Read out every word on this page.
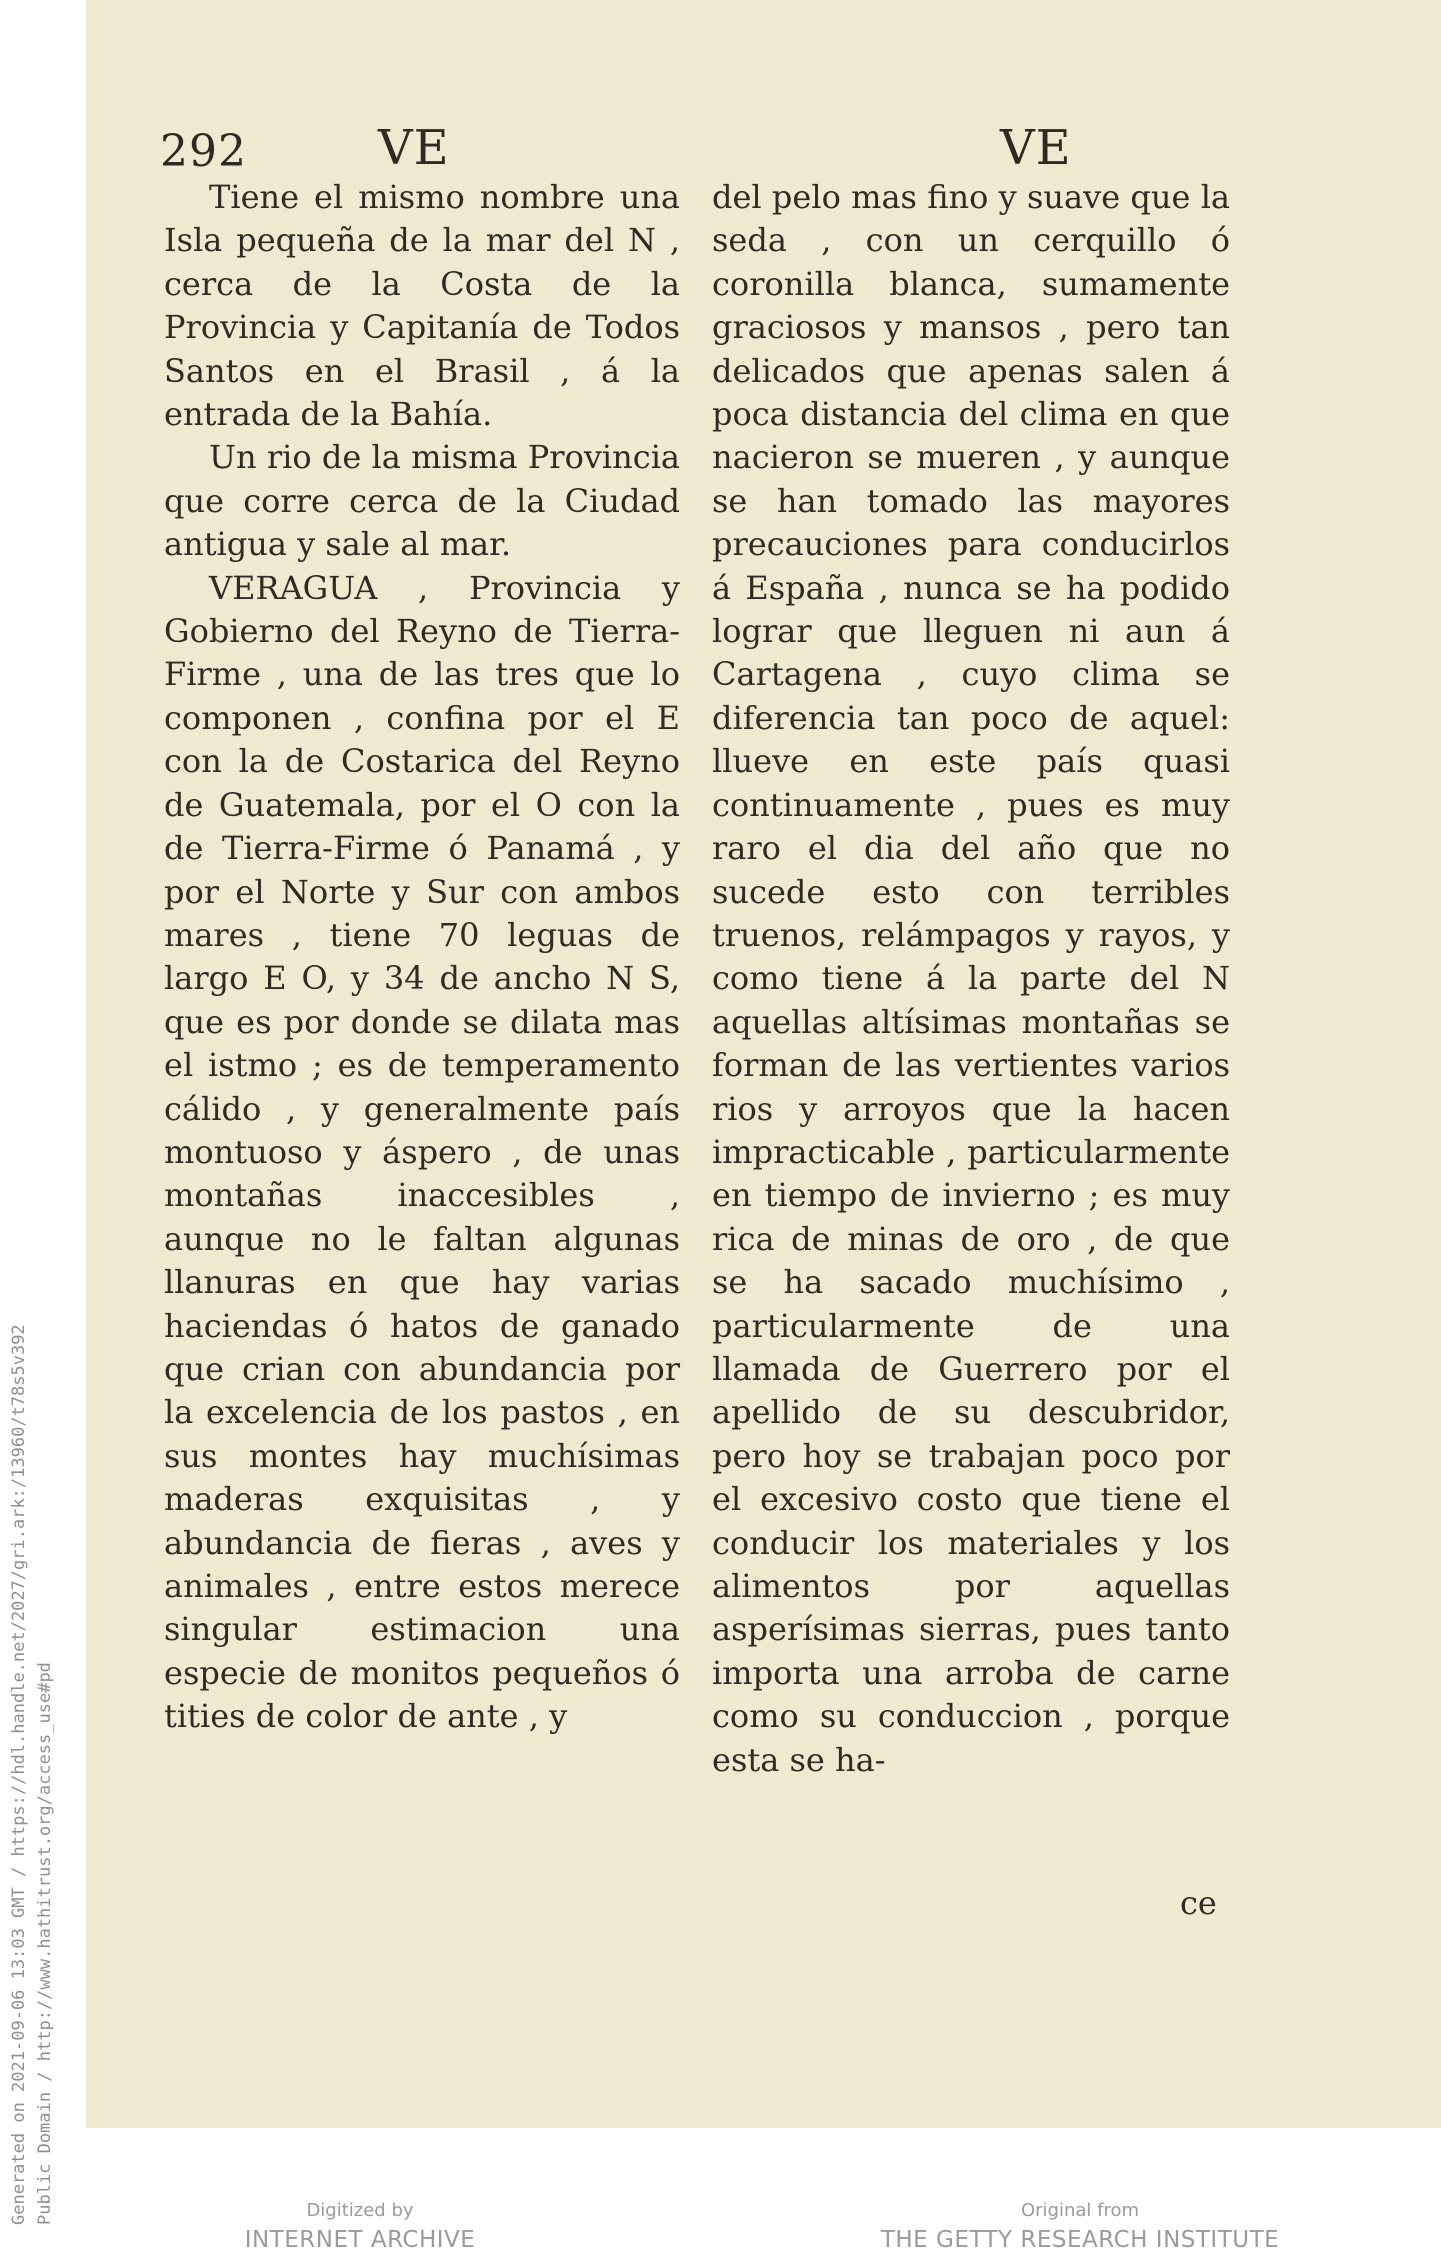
Generated on 2021-09-06 13:03 GMT / https://hdl.handle.net/2027/gri.ark:/13960/t78s5v392 Public Domain / http://www.hathitrust.org/access_use#pd
292	VE	VE

Tiene el mismo nombre una Isla pequeña de la mar del N , cerca de la Costa de la Provincia y Capitanía de Todos Santos en el Brasil , á la entrada de la Bahía.

Un rio de la misma Provincia que corre cerca de la Ciudad antigua y sale al mar.

VERAGUA , Provincia y Gobierno del Reyno de Tierra-Firme , una de las tres que lo componen , confina por el E con la de Costarica del Reyno de Guatemala, por el O con la de Tierra-Firme ó Panamá , y por el Norte y Sur con ambos mares , tiene 70 leguas de largo E O, y 34 de ancho N S, que es por donde se dilata mas el istmo ; es de temperamento cálido , y generalmente país montuoso y áspero , de unas montañas inaccesibles , aunque no le faltan algunas llanuras en que hay varias haciendas ó hatos de ganado que crian con abundancia por la excelencia de los pastos , en sus montes hay muchísimas maderas exquisitas , y abundancia de fieras , aves y animales , entre estos merece singular estimacion una especie de monitos pequeños ó tities de color de ante , y

del pelo mas fino y suave que la seda , con un cerquillo ó coronilla blanca, sumamente graciosos y mansos , pero tan delicados que apenas salen á poca distancia del clima en que nacieron se mueren , y aunque se han tomado las mayores precauciones para conducirlos á España , nunca se ha podido lograr que lleguen ni aun á Cartagena , cuyo clima se diferencia tan poco de aquel: llueve en este país quasi continuamente , pues es muy raro el dia del año que no sucede esto con terribles truenos, relámpagos y rayos, y como tiene á la parte del N aquellas altísimas montañas se forman de las vertientes varios rios y arroyos que la hacen impracticable , particularmente en tiempo de invierno ; es muy rica de minas de oro , de que se ha sacado muchísimo , particularmente de una llamada de Guerrero por el apellido de su descubridor, pero hoy se trabajan poco por el excesivo costo que tiene el conducir los materiales y los alimentos por aquellas asperísimas sierras, pues tanto importa una arroba de carne como su conduccion , porque esta se ha-

ce
Digitized by
INTERNET ARCHIVE
Original from
THE GETTY RESEARCH INSTITUTE
